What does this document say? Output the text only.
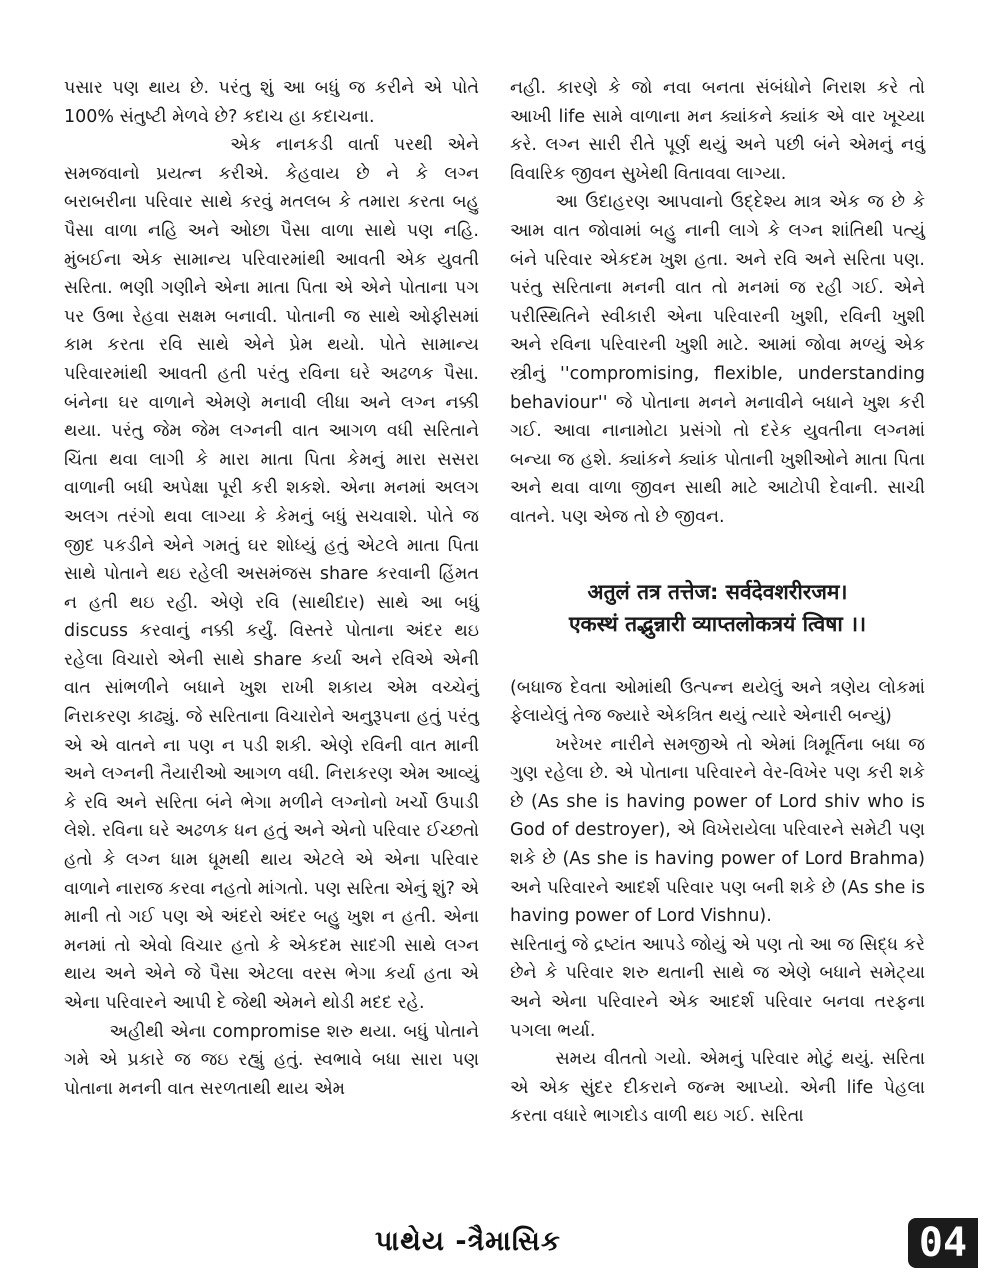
પસાર પણ થાય છે. પરંતુ શું આ બધું જ કરીને એ પોતે 100% સંતુષ્ટી મેળવે છે? કદાચ હા કદાચના.

એક નાનકડી વાર્તા પરથી એને સમજવાનો પ્રયત્ન કરીએ. કેહવાય છે ને કે લગ્ન બરાબરીના પરિવાર સાથે કરવું મતલબ કે તમારા કરતા બહુ પૈસા વાળા નહિ અને ઓછા પૈસા વાળા સાથે પણ નહિ. મુંબઈના એક સામાન્ય પરિવારમાંથી આવતી એક યુવતી સરિતા. ભણી ગણીને એના માતા પિતા એ એને પોતાના પગ પર ઉભા રેહવા સક્ષમ બનાવી. પોતાની જ સાથે ઓફીસમાં કામ કરતા રવિ સાથે એને પ્રેમ થયો. પોતે સામાન્ય પરિવારમાંથી આવતી હતી પરંતુ રવિના ઘરે અઢળક પૈસા. બંનેના ઘર વાળાને એમણે મનાવી લીધા અને લગ્ન નક્કી થયા. પરંતુ જેમ જેમ લગ્નની વાત આગળ વધી સરિતાને ચિંતા થવા લાગી કે મારા માતા પિતા કેમનું મારા સસરા વાળાની બધી અપેક્ષા પૂરી કરી શકશે. એના મનમાં અલગ અલગ તરંગો થવા લાગ્યા કે કેમનું બધું સચવાશે. પોતે જ જીદ પકડીને એને ગમતું ઘર શોધ્યું હતું એટલે માતા પિતા સાથે પોતાને થઇ રહેલી અસમંજસ share કરવાની હિંમત ન હતી થઇ રહી. એણે રવિ (સાથીદાર) સાથે આ બધું discuss કરવાનું નક્કી કર્યું. વિસ્તરે પોતાના અંદર થઇ રહેલા વિચારો એની સાથે share કર્યા અને રવિએ એની વાત સાંભળીને બધાને ખુશ રાખી શકાય એમ વચ્ચેનું નિરાકરણ કાઢ્યું. જે સરિતાના વિચારોને અનુરૂપના હતું પરંતુ એ એ વાતને ના પણ ન પડી શકી. એણે રવિની વાત માની અને લગ્નની તૈયારીઓ આગળ વધી. નિરાકરણ એમ આવ્યું કે રવિ અને સરિતા બંને ભેગા મળીને લગ્નોનો ખર્ચો ઉપાડી લેશે. રવિના ઘરે અઢળક ધન હતું અને એનો પરિવાર ઈચ્છતો હતો કે લગ્ન ધામ ધૂમથી થાય એટલે એ એના પરિવાર વાળાને નારાજ કરવા નહતો માંગતો. પણ સરિતા એનું શું? એ માની તો ગઈ પણ એ અંદરો અંદર બહુ ખુશ ન હતી. એના મનમાં તો એવો વિચાર હતો કે એકદમ સાદગી સાથે લગ્ન થાય અને એને જે પૈસા એટલા વરસ ભેગા કર્યા હતા એ એના પરિવારને આપી દે જેથી એમને થોડી મદદ રહે.

અહીથી એના compromise શરુ થયા. બધું પોતાને ગમે એ પ્રકારે જ જઇ રહ્યું હતું. સ્વભાવે બધા સારા પણ પોતાના મનની વાત સરળતાથી થાય એમ

નહી. કારણે કે જો નવા બનતા સંબંધોને નિરાશ કરે તો આખી life સામે વાળાના મન ક્યાંકને ક્યાંક એ વાર ખૂચ્યા કરે. લગ્ન સારી રીતે પૂર્ણ થયું અને પછી બંને એમનું નવું વિવારિક જીવન સુખેથી વિતાવવા લાગ્યા.

આ ઉદાહરણ આપવાનો ઉદ્દેશ્ય માત્ર એક જ છે કે આમ વાત જોવામાં બહુ નાની લાગે કે લગ્ન શાંતિથી પત્યું બંને પરિવાર એકદમ ખુશ હતા. અને રવિ અને સરિતા પણ. પરંતુ સરિતાના મનની વાત તો મનમાં જ રહી ગઈ. એને પરીસ્થિતિને સ્વીકારી એના પરિવારની ખુશી, રવિની ખુશી અને રવિના પરિવારની ખુશી માટે. આમાં જોવા મળ્યું એક સ્ત્રીનું ''compromising, flexible, understanding behaviour'' જે પોતાના મનને મનાવીને બધાને ખુશ કરી ગઈ. આવા નાનામોટા પ્રસંગો તો દરેક યુવતીના લગ્નમાં બન્યા જ હશે. ક્યાંકને ક્યાંક પોતાની ખુશીઓને માતા પિતા અને થવા વાળા જીવન સાથી માટે આટોપી દેવાની. સાચી વાતને. પણ એજ તો છે જીવન.

अतुलं तत्र तत्तेज: सर्वदेवशरीरजम।
एकस्थं तद्भुन्नारी व्याप्तलोकत्रयं त्विषा ।।

(બધાજ દેવતા ઓમાંથી ઉત્પન્ન થયેલું અને ત્રણેય લોકમાં ફેલાયેલું તેજ જ્યારે એકત્રિત થયું ત્યારે એનારી બન્યું)

ખરેખર નારીને સમજીએ તો એમાં ત્રિમૂર્તિના બધા જ ગુણ રહેલા છે. એ પોતાના પરિવારને વેર-વિખેર પણ કરી શકે છે (As she is having power of Lord shiv who is God of destroyer), એ વિખેરાયેલા પરિવારને સમેટી પણ શકે છે (As she is having power of Lord Brahma) અને પરિવારને આદર્શ પરિવાર પણ બની શકે છે (As she is having power of Lord Vishnu).

સરિતાનું જે દ્રષ્ટાંત આપડે જોયું એ પણ તો આ જ સિદ્ધ કરે છેને કે પરિવાર શરુ થતાની સાથે જ એણે બધાને સમેટ્યા અને એના પરિવારને એક આદર્શ પરિવાર બનવા તરફના પગલા ભર્યા.

સમય વીતતો ગયો. એમનું પરિવાર મોટું થયું. સરિતા એ એક સુંદર દીકરાને જન્મ આપ્યો. એની life પેહલા કરતા વધારે ભાગદોડ વાળી થઇ ગઈ. સરિતા

પાથેય -ત્રૈમાસિક	04
